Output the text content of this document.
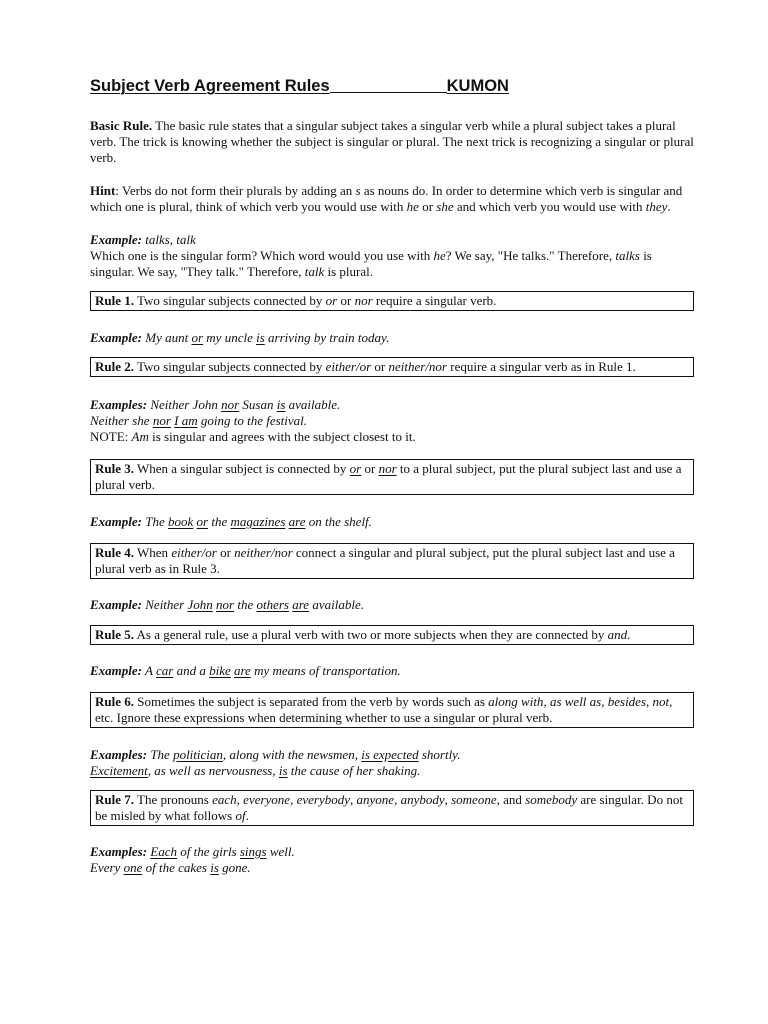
Subject Verb Agreement Rules	KUMON

Basic Rule. The basic rule states that a singular subject takes a singular verb while a plural subject takes a plural verb. The trick is knowing whether the subject is singular or plural. The next trick is recognizing a singular or plural verb.

Hint: Verbs do not form their plurals by adding an s as nouns do. In order to determine which verb is singular and which one is plural, think of which verb you would use with he or she and which verb you would use with they.

Example: talks, talk
Which one is the singular form? Which word would you use with he? We say, "He talks." Therefore, talks is singular. We say, "They talk." Therefore, talk is plural.

Rule 1. Two singular subjects connected by or or nor require a singular verb.

Example: My aunt or my uncle is arriving by train today.

Rule 2. Two singular subjects connected by either/or or neither/nor require a singular verb as in Rule 1.

Examples: Neither John nor Susan is available.
Neither she nor I am going to the festival.
NOTE: Am is singular and agrees with the subject closest to it.

Rule 3. When a singular subject is connected by or or nor to a plural subject, put the plural subject last and use a plural verb.

Example: The book or the magazines are on the shelf.

Rule 4. When either/or or neither/nor connect a singular and plural subject, put the plural subject last and use a plural verb as in Rule 3.

Example: Neither John nor the others are available.

Rule 5. As a general rule, use a plural verb with two or more subjects when they are connected by and.

Example: A car and a bike are my means of transportation.

Rule 6. Sometimes the subject is separated from the verb by words such as along with, as well as, besides, not, etc. Ignore these expressions when determining whether to use a singular or plural verb.

Examples: The politician, along with the newsmen, is expected shortly.
Excitement, as well as nervousness, is the cause of her shaking.

Rule 7. The pronouns each, everyone, everybody, anyone, anybody, someone, and somebody are singular. Do not be misled by what follows of.

Examples: Each of the girls sings well.
Every one of the cakes is gone.
